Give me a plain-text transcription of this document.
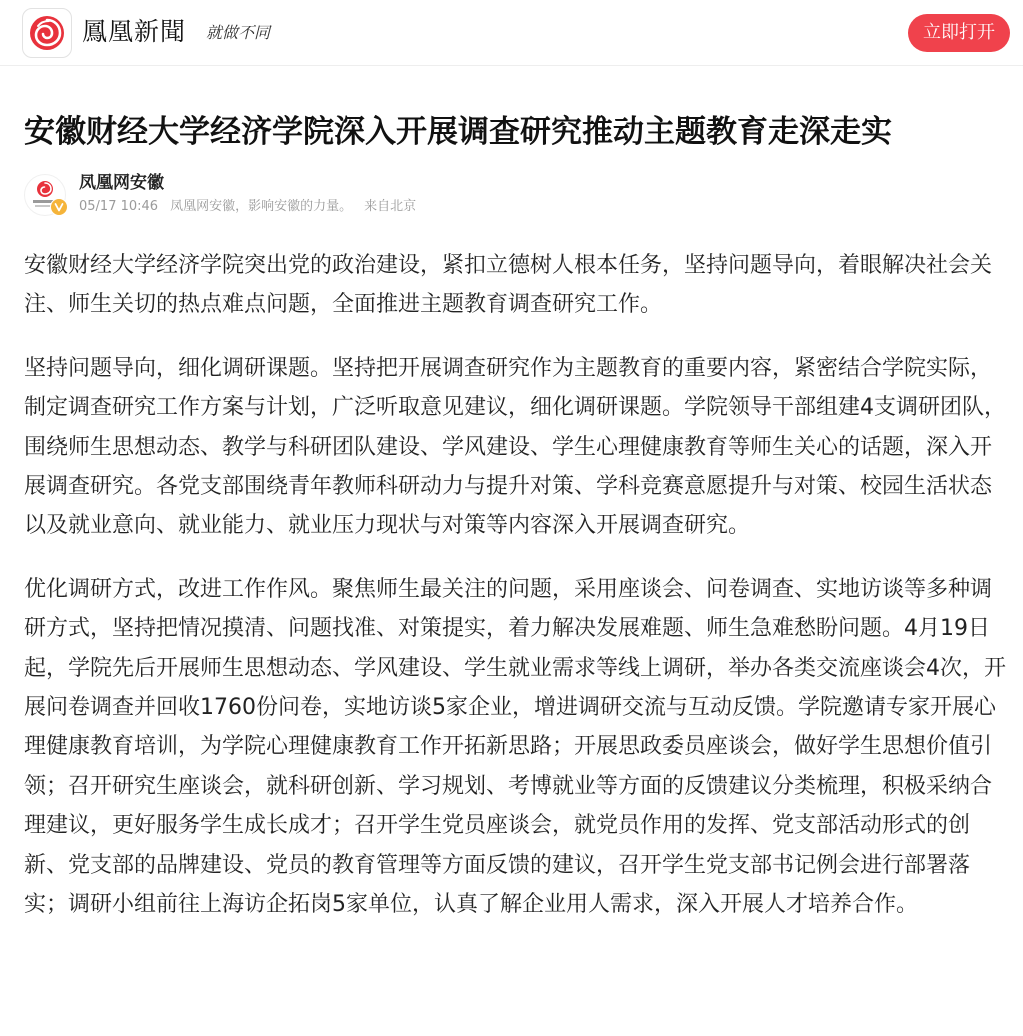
鳳凰新聞 就做不同	立即打开
安徽财经大学经济学院深入开展调查研究推动主题教育走深走实
凤凰网安徽
05/17 10:46 凤凰网安徽，影响安徽的力量。 来自北京

安徽财经大学经济学院突出党的政治建设，紧扣立德树人根本任务，坚持问题导向，着眼解决社会关注、师生关切的热点难点问题，全面推进主题教育调查研究工作。

坚持问题导向，细化调研课题。坚持把开展调查研究作为主题教育的重要内容，紧密结合学院实际，制定调查研究工作方案与计划，广泛听取意见建议，细化调研课题。学院领导干部组建4支调研团队，围绕师生思想动态、教学与科研团队建设、学风建设、学生心理健康教育等师生关心的话题，深入开展调查研究。各党支部围绕青年教师科研动力与提升对策、学科竞赛意愿提升与对策、校园生活状态以及就业意向、就业能力、就业压力现状与对策等内容深入开展调查研究。

优化调研方式，改进工作作风。聚焦师生最关注的问题，采用座谈会、问卷调查、实地访谈等多种调研方式，坚持把情况摸清、问题找准、对策提实，着力解决发展难题、师生急难愁盼问题。4月19日起，学院先后开展师生思想动态、学风建设、学生就业需求等线上调研，举办各类交流座谈会4次，开展问卷调查并回收1760份问卷，实地访谈5家企业，增进调研交流与互动反馈。学院邀请专家开展心理健康教育培训，为学院心理健康教育工作开拓新思路；开展思政委员座谈会，做好学生思想价值引领；召开研究生座谈会，就科研创新、学习规划、考博就业等方面的反馈建议分类梳理，积极采纳合理建议，更好服务学生成长成才；召开学生党员座谈会，就党员作用的发挥、党支部活动形式的创新、党支部的品牌建设、党员的教育管理等方面反馈的建议，召开学生党支部书记例会进行部署落实；调研小组前往上海访企拓岗5家单位，认真了解企业用人需求，深入开展人才培养合作。
